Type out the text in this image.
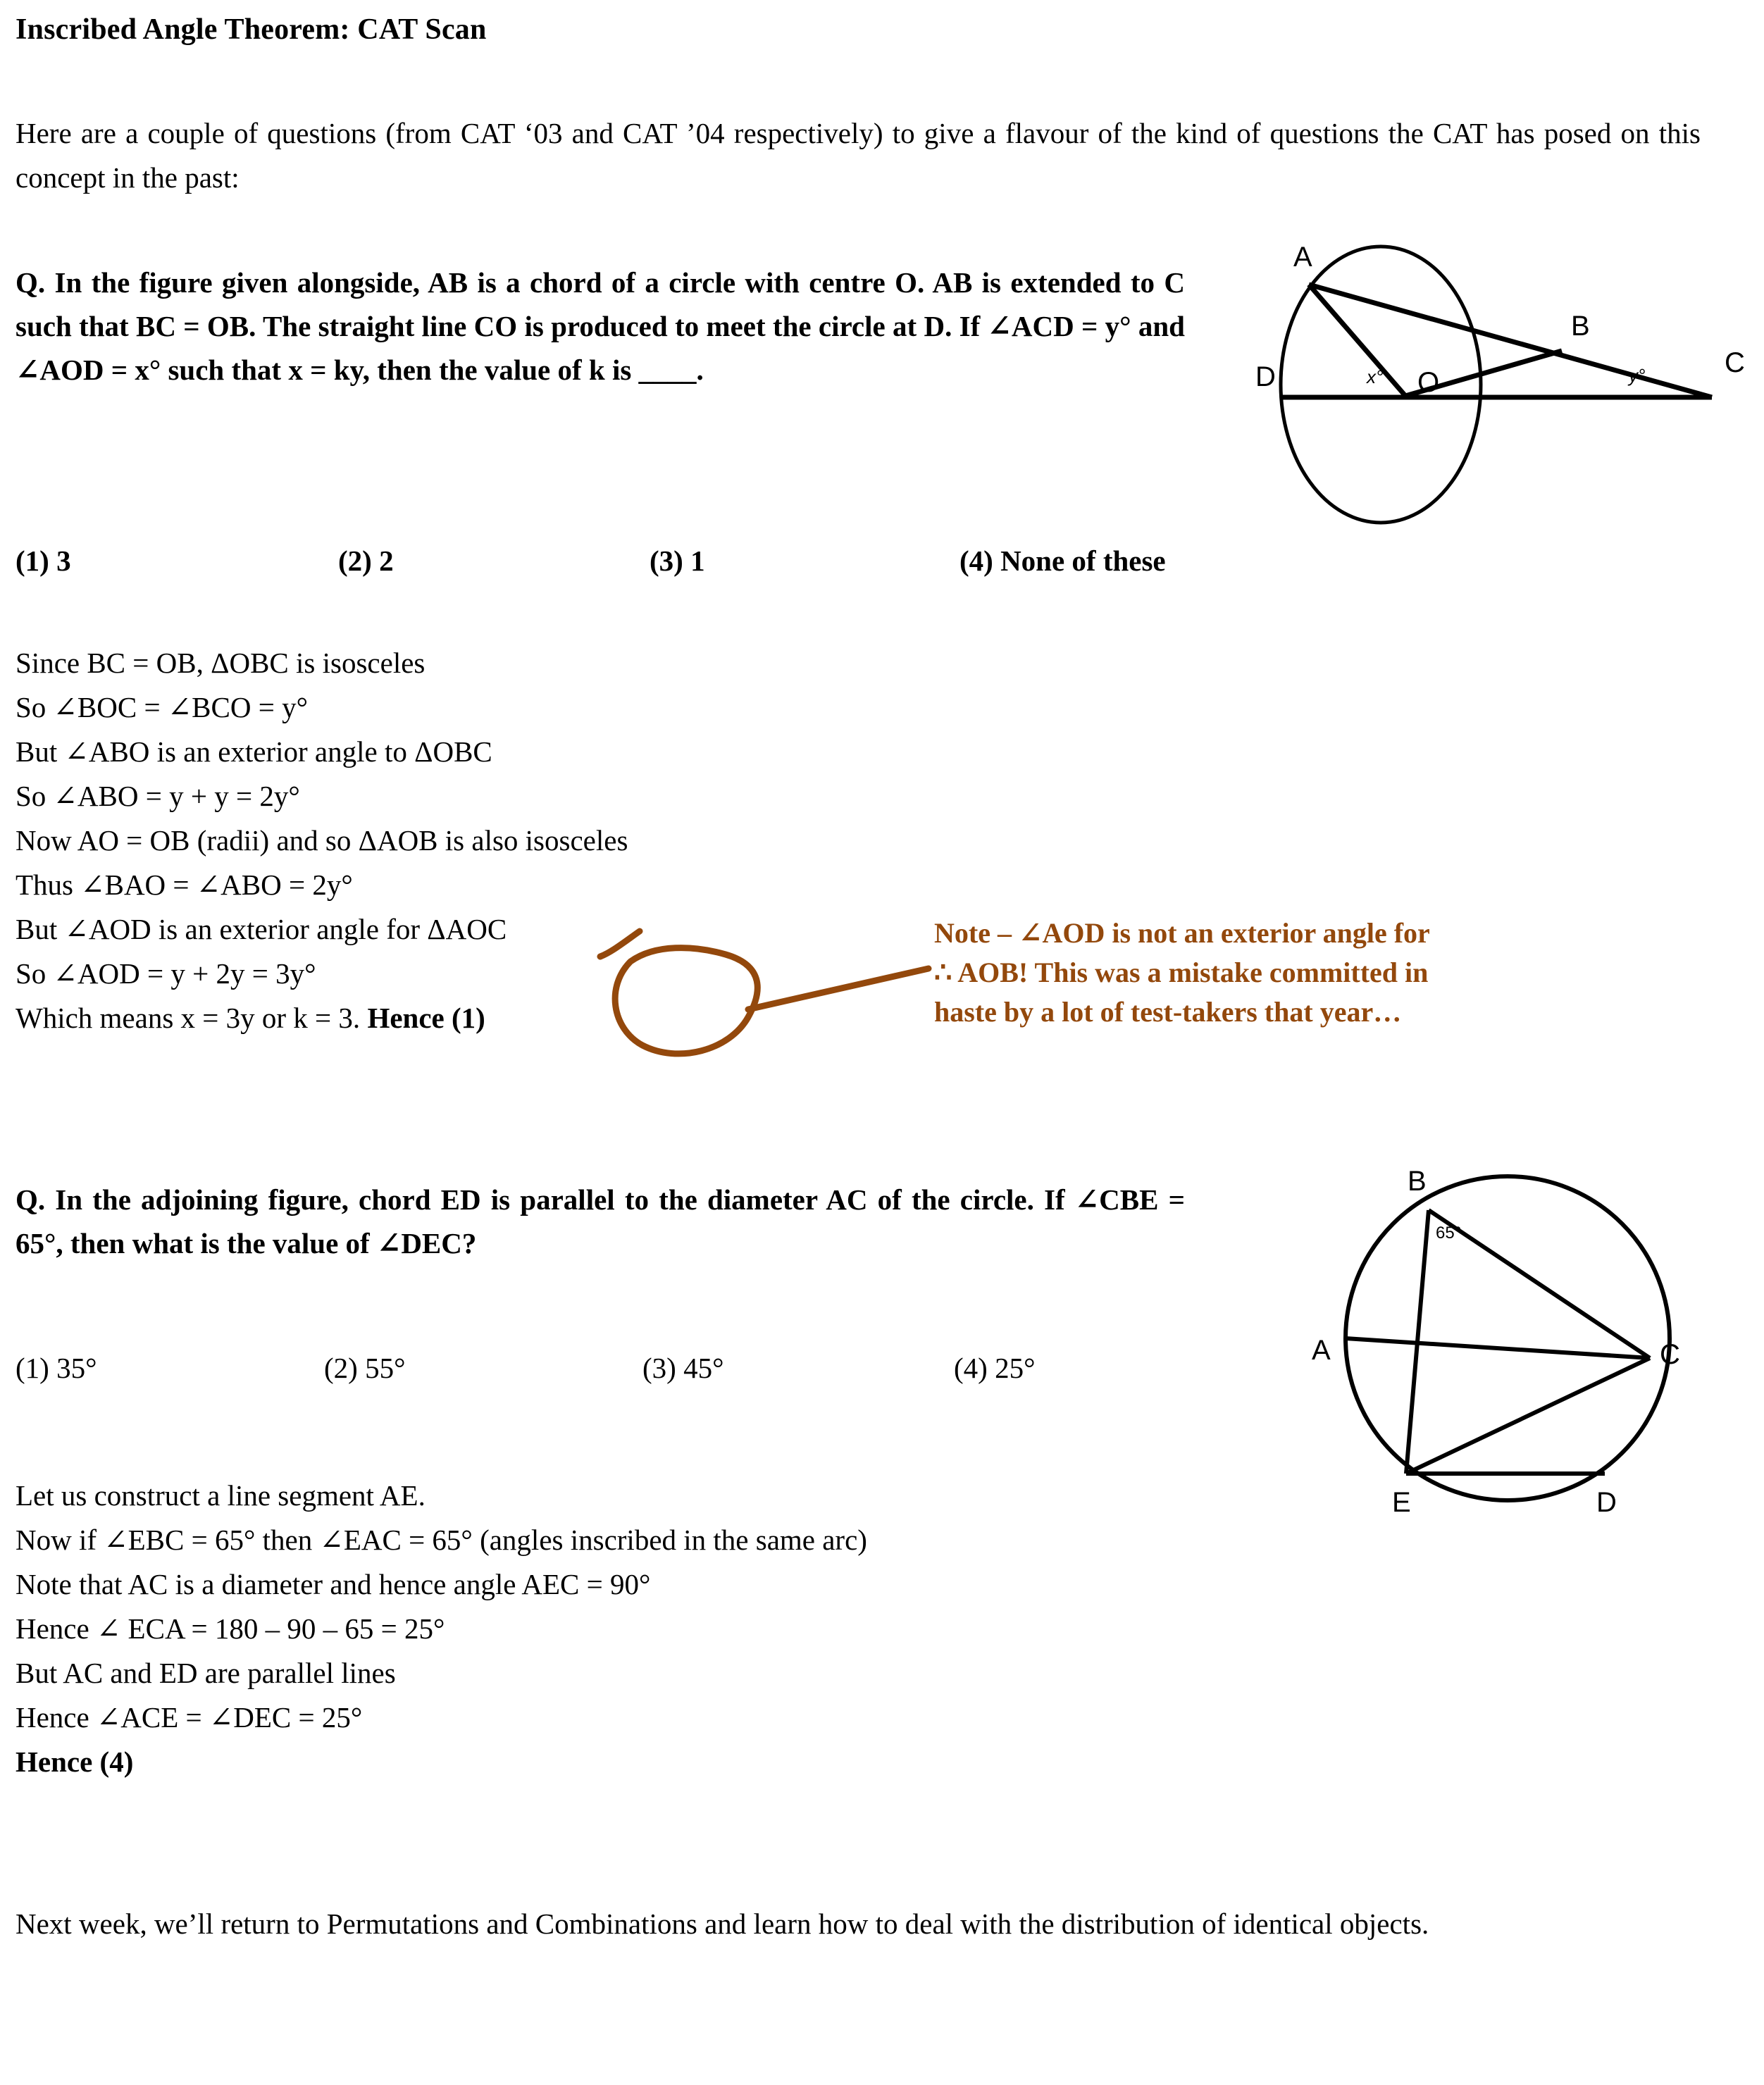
Inscribed Angle Theorem: CAT Scan
Here are a couple of questions (from CAT ‘03 and CAT ’04 respectively) to give a flavour of the kind of questions the CAT has posed on this concept in the past:
Q. In the figure given alongside, AB is a chord of a circle with centre O. AB is extended to C such that BC = OB. The straight line CO is produced to meet the circle at D. If ∠ACD = y° and ∠AOD = x° such that x = ky, then the value of k is ____.
A
B
C
D	O
x°	y°
(1) 3	(2) 2	(3) 1	(4) None of these
Since BC = OB, ΔOBC is isosceles
So ∠BOC = ∠BCO = y°
But ∠ABO is an exterior angle to ΔOBC
So ∠ABO = y + y = 2y°
Now AO = OB (radii) and so ΔAOB is also isosceles
Thus ∠BAO = ∠ABO = 2y°
But ∠AOD is an exterior angle for ΔAOC
So ∠AOD = y + 2y = 3y°
Which means x = 3y or k = 3. Hence (1)
Note – ∠AOD is not an exterior angle for
∴ AOB! This was a mistake committed in
haste by a lot of test-takers that year…
Q. In the adjoining figure, chord ED is parallel to the diameter AC of the circle. If ∠CBE = 65°, then what is the value of ∠DEC?
B
A	C
E	D
65°
(1) 35°	(2) 55°	(3) 45°	(4) 25°
Let us construct a line segment AE.
Now if ∠EBC = 65° then ∠EAC = 65° (angles inscribed in the same arc)
Note that AC is a diameter and hence angle AEC = 90°
Hence ∠ ECA = 180 – 90 – 65 = 25°
But AC and ED are parallel lines
Hence ∠ACE = ∠DEC = 25°
Hence (4)
Next week, we’ll return to Permutations and Combinations and learn how to deal with the distribution of identical objects.
